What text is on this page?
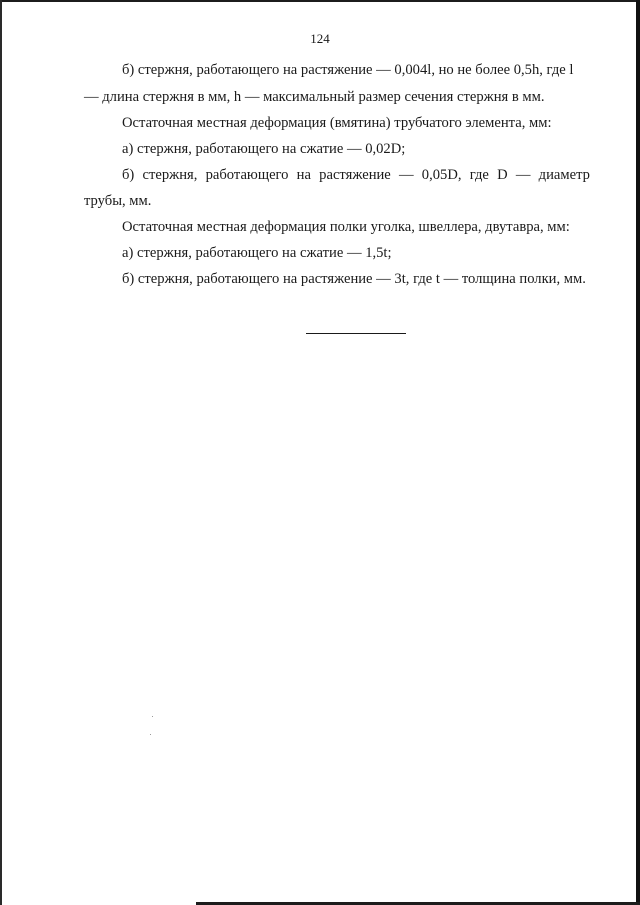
124
б) стержня, работающего на растяжение — 0,004l, но не более 0,5h, где l
— длина стержня в мм, h — максимальный размер сечения стержня в мм.
Остаточная местная деформация (вмятина) трубчатого элемента, мм:
а) стержня, работающего на сжатие — 0,02D;
б) стержня, работающего на растяжение — 0,05D, где D — диаметр
трубы, мм.
Остаточная местная деформация полки уголка, швеллера, двутавра, мм:
а) стержня, работающего на сжатие — 1,5t;
б) стержня, работающего на растяжение — 3t, где t — толщина полки, мм.
